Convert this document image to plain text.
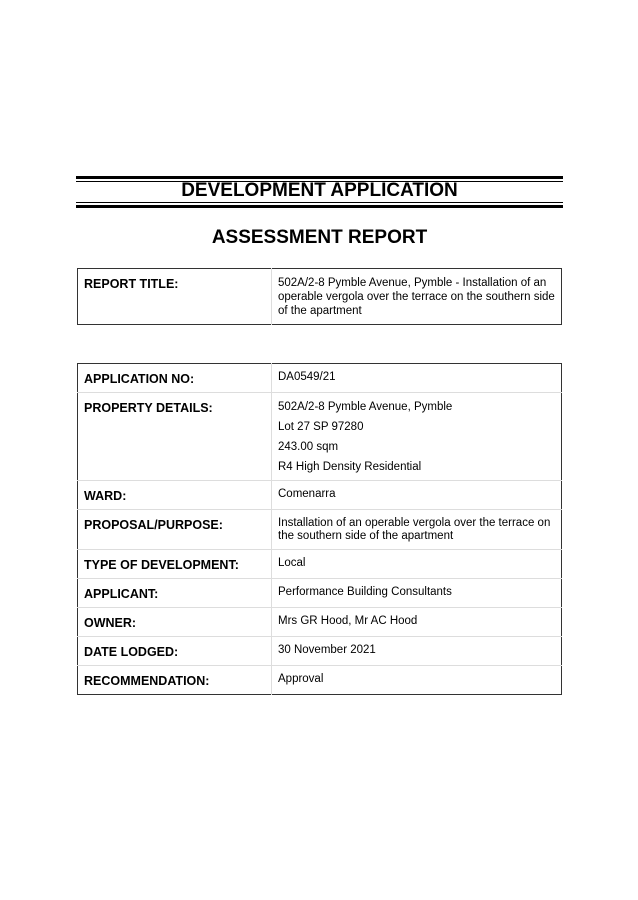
DEVELOPMENT APPLICATION
ASSESSMENT REPORT
REPORT TITLE:	502A/2-8 Pymble Avenue, Pymble - Installation of an operable vergola over the terrace on the southern side of the apartment
APPLICATION NO:	DA0549/21

PROPERTY DETAILS:	502A/2-8 Pymble Avenue, Pymble
Lot 27 SP 97280
243.00 sqm
R4 High Density Residential

WARD:	Comenarra

PROPOSAL/PURPOSE:	Installation of an operable vergola over the terrace on the southern side of the apartment

TYPE OF DEVELOPMENT:	Local

APPLICANT:	Performance Building Consultants

OWNER:	Mrs GR Hood, Mr AC Hood

DATE LODGED:	30 November 2021

RECOMMENDATION:	Approval
